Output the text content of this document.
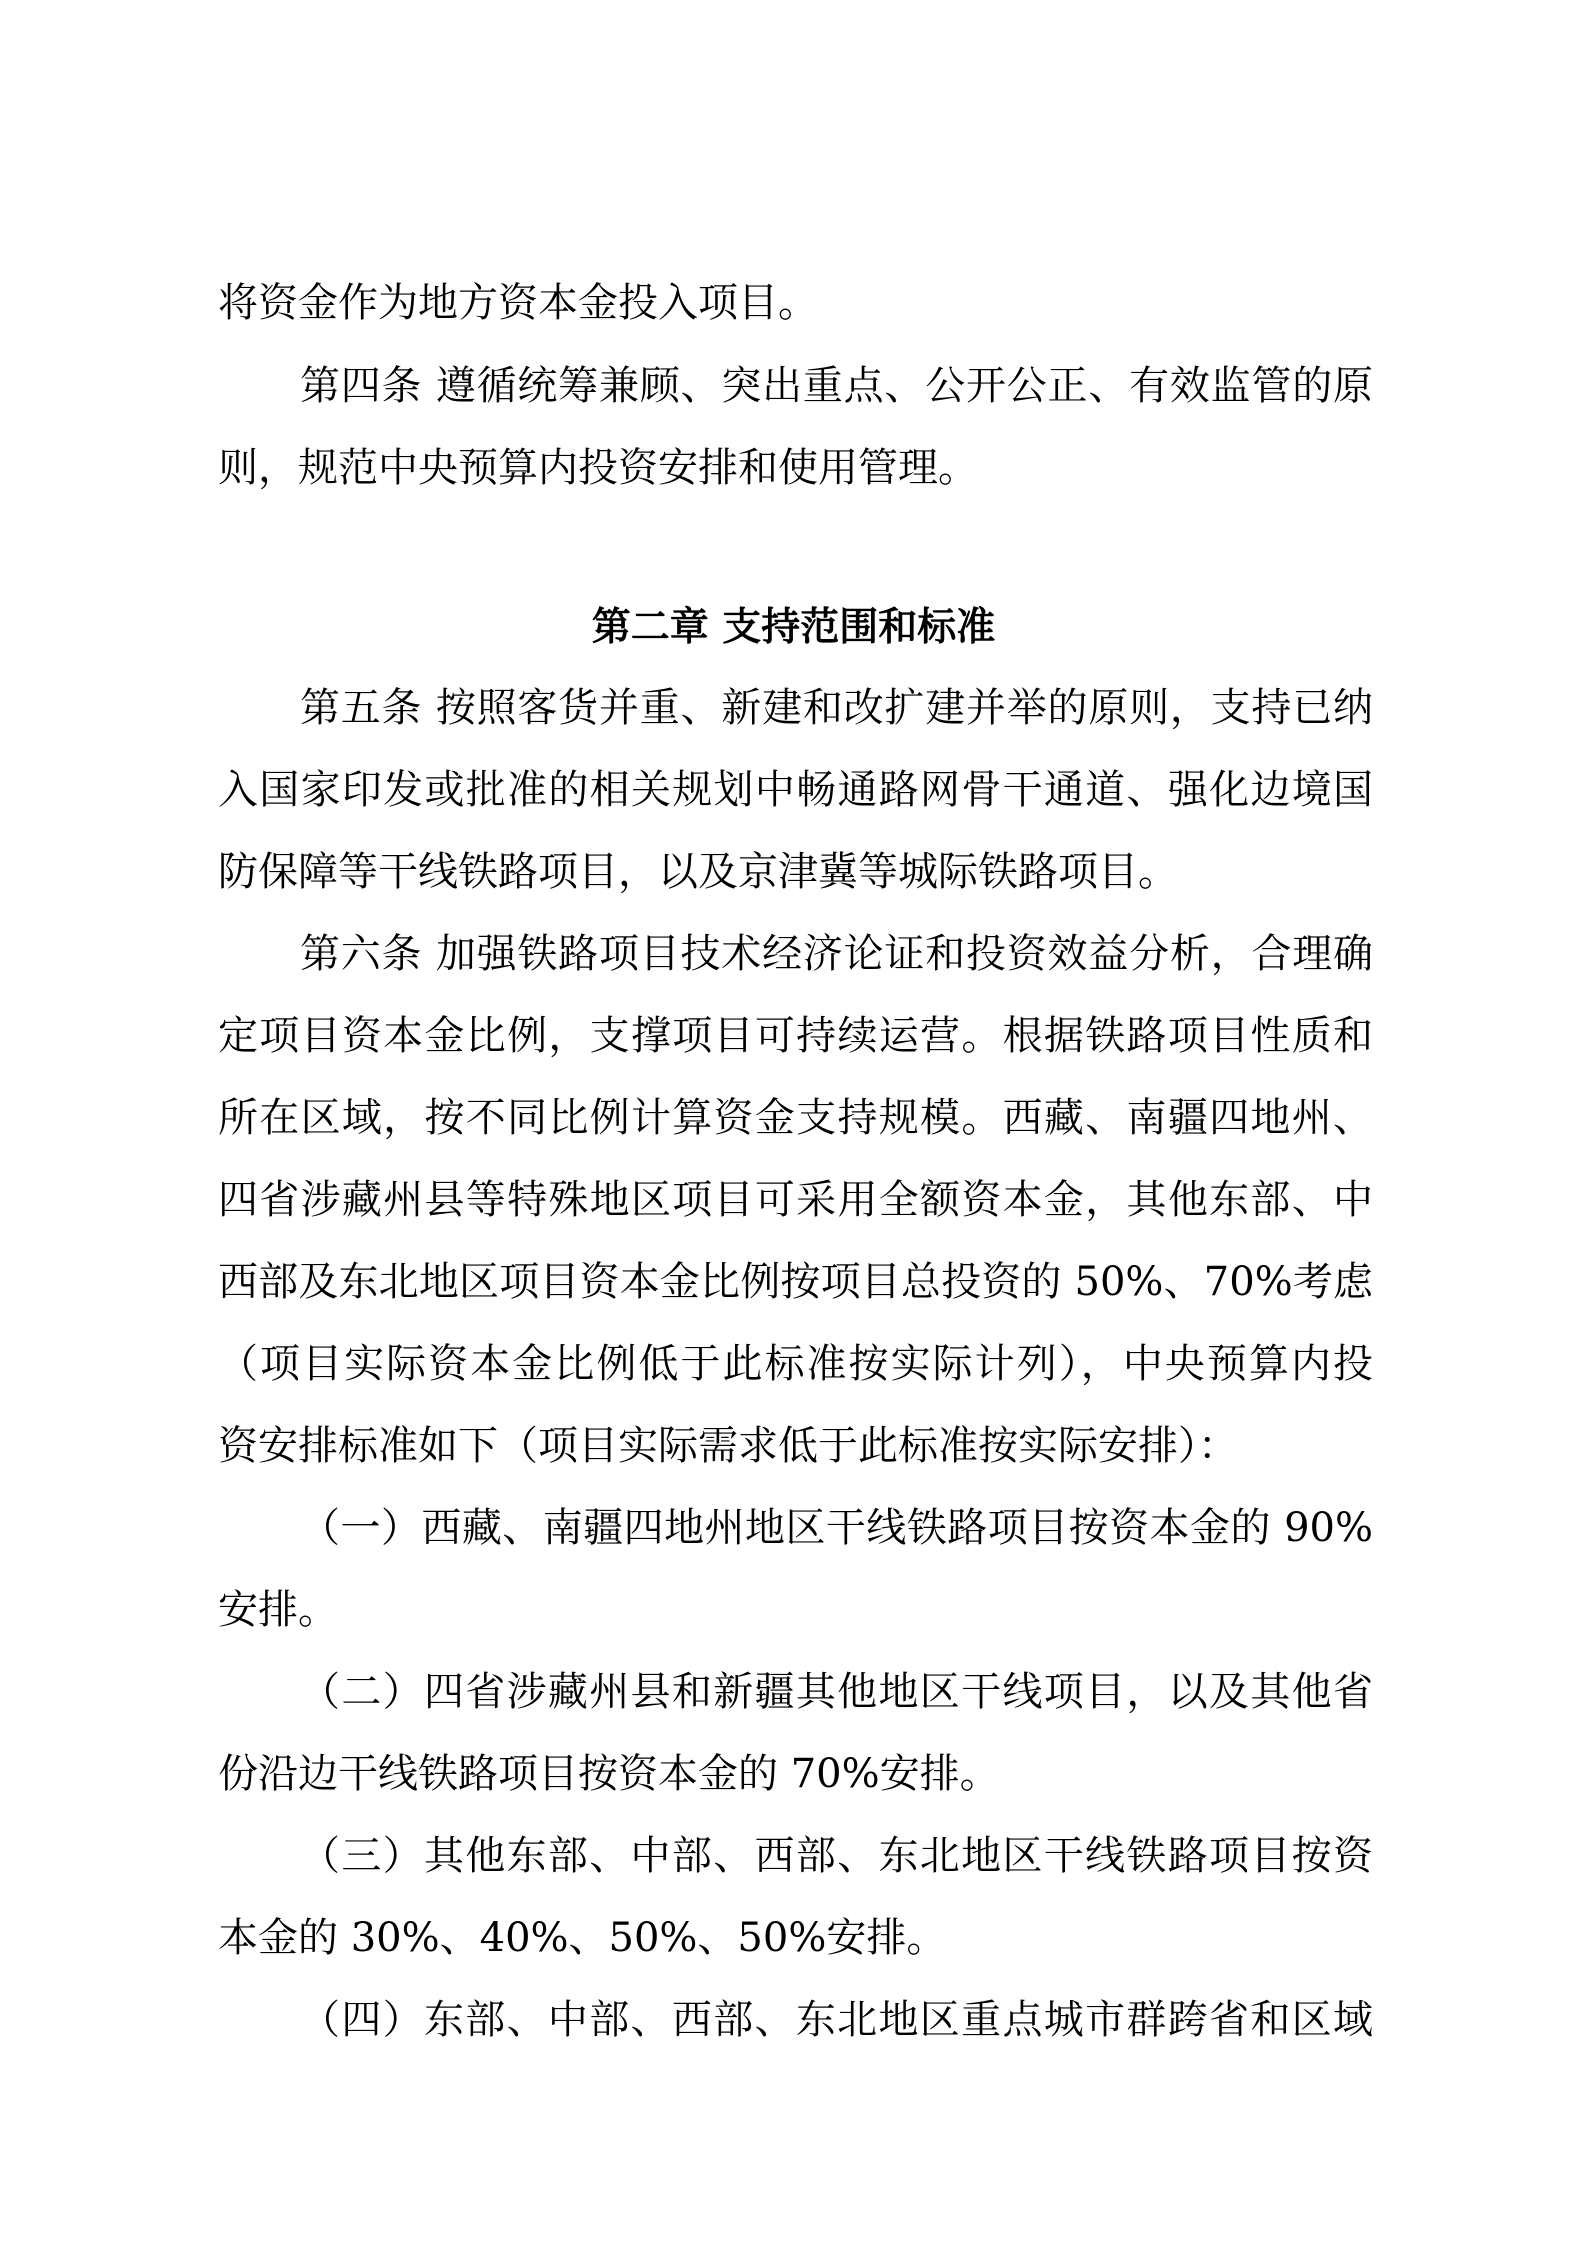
将资金作为地方资本金投入项目。
第四条 遵循统筹兼顾、突出重点、公开公正、有效监管的原
则，规范中央预算内投资安排和使用管理。
第二章 支持范围和标准
第五条 按照客货并重、新建和改扩建并举的原则，支持已纳
入国家印发或批准的相关规划中畅通路网骨干通道、强化边境国
防保障等干线铁路项目，以及京津冀等城际铁路项目。
第六条 加强铁路项目技术经济论证和投资效益分析，合理确
定项目资本金比例，支撑项目可持续运营。根据铁路项目性质和
所在区域，按不同比例计算资金支持规模。西藏、南疆四地州、
四省涉藏州县等特殊地区项目可采用全额资本金，其他东部、中
西部及东北地区项目资本金比例按项目总投资的 50%、70%考虑
（项目实际资本金比例低于此标准按实际计列），中央预算内投
资安排标准如下（项目实际需求低于此标准按实际安排）：
（一）西藏、南疆四地州地区干线铁路项目按资本金的 90%
安排。
（二）四省涉藏州县和新疆其他地区干线项目，以及其他省
份沿边干线铁路项目按资本金的 70%安排。
（三）其他东部、中部、西部、东北地区干线铁路项目按资
本金的 30%、40%、50%、50%安排。
（四）东部、中部、西部、东北地区重点城市群跨省和区域
